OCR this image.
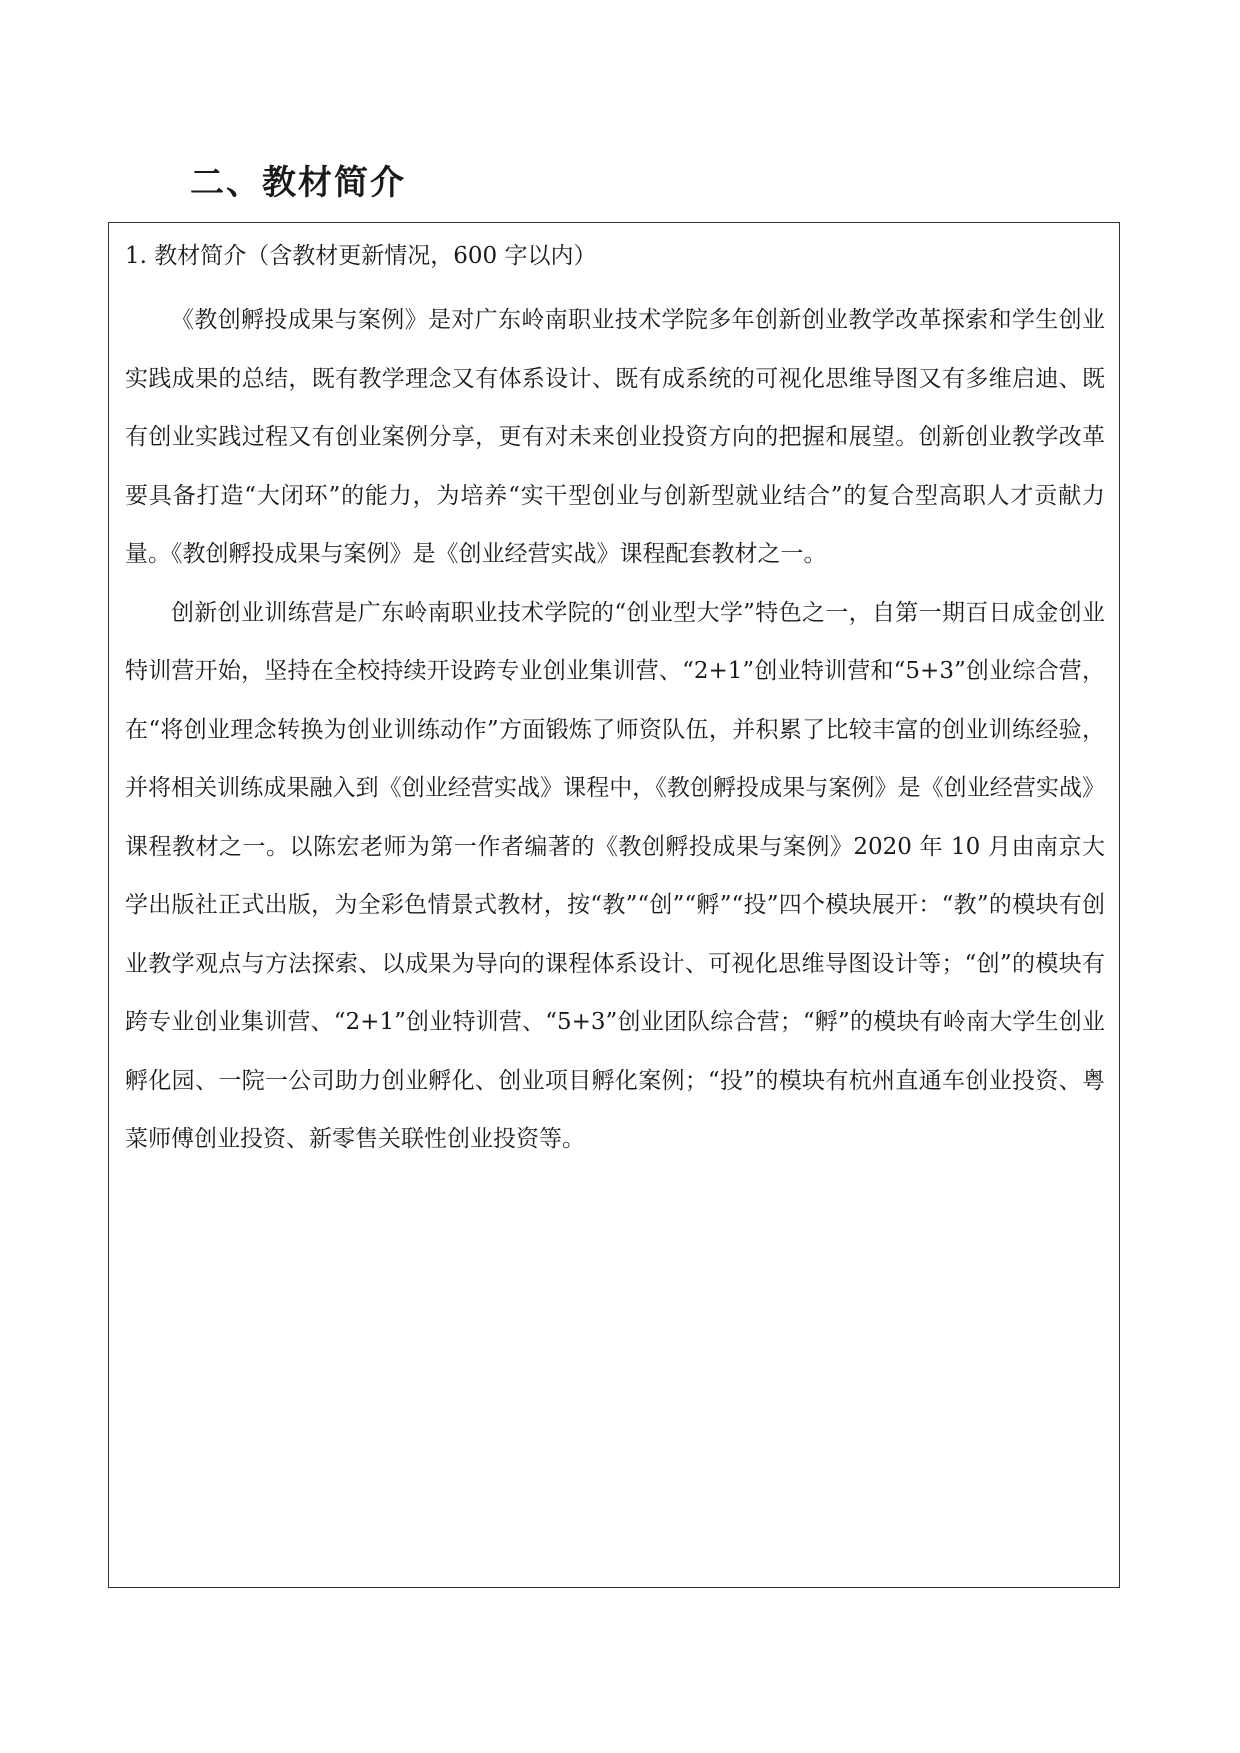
二、教材简介
1. 教材简介（含教材更新情况，600 字以内）

《教创孵投成果与案例》是对广东岭南职业技术学院多年创新创业教学改革探索和学生创业实践成果的总结，既有教学理念又有体系设计、既有成系统的可视化思维导图又有多维启迪、既有创业实践过程又有创业案例分享，更有对未来创业投资方向的把握和展望。创新创业教学改革要具备打造“大闭环”的能力，为培养“实干型创业与创新型就业结合”的复合型高职人才贡献力量。《教创孵投成果与案例》是《创业经营实战》课程配套教材之一。

创新创业训练营是广东岭南职业技术学院的“创业型大学”特色之一，自第一期百日成金创业特训营开始，坚持在全校持续开设跨专业创业集训营、“2+1”创业特训营和“5+3”创业综合营，在“将创业理念转换为创业训练动作”方面锻炼了师资队伍，并积累了比较丰富的创业训练经验，并将相关训练成果融入到《创业经营实战》课程中，《教创孵投成果与案例》是《创业经营实战》课程教材之一。以陈宏老师为第一作者编著的《教创孵投成果与案例》2020 年 10 月由南京大学出版社正式出版，为全彩色情景式教材，按“教”“创”“孵”“投”四个模块展开：“教”的模块有创业教学观点与方法探索、以成果为导向的课程体系设计、可视化思维导图设计等；“创”的模块有跨专业创业集训营、“2+1”创业特训营、“5+3”创业团队综合营；“孵”的模块有岭南大学生创业孵化园、一院一公司助力创业孵化、创业项目孵化案例；“投”的模块有杭州直通车创业投资、粤菜师傅创业投资、新零售关联性创业投资等。
